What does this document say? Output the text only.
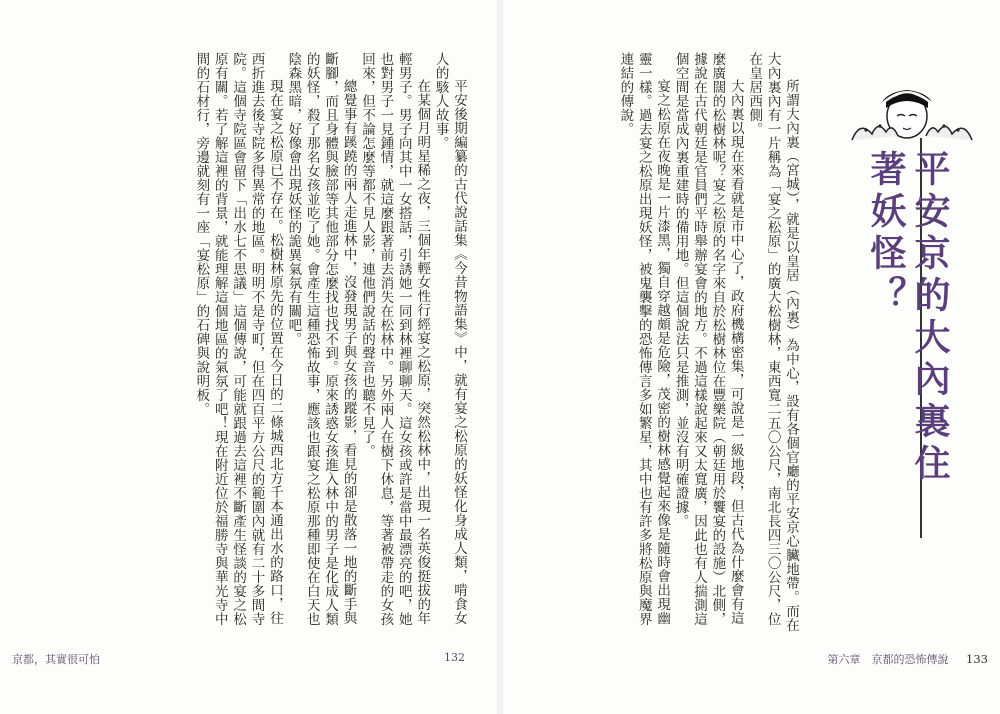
平安京的大內裏住著妖怪？

所謂大內裏（宮城），就是以皇居（內裏）為中心，設有各個官廳的平安京心臟地帶。而在大內裏內有一片稱為「宴之松原」的廣大松樹林，東西寬二五〇公尺，南北長四三〇公尺，位在皇居西側。

大內裏以現在來看就是市中心了，政府機構密集，可說是一級地段，但古代為什麼會有這麼廣闊的松樹林呢？宴之松原的名字來自於松樹林位在豐樂院（朝廷用於饗宴的設施）北側，據說在古代朝廷是官員們平時舉辦宴會的地方。不過這樣說起來又太寬廣，因此也有人揣測這個空間是當成內裏重建時的備用地。但這個說法只是推測，並沒有明確證據。

宴之松原在夜晚是一片漆黑，獨自穿越頗是危險，茂密的樹林感覺起來像是隨時會出現幽靈一樣。過去宴之松原出現妖怪，被鬼襲擊的恐怖傳言多如繁星，其中也有許多將松原與魔界連結的傳說。

第六章　京都的恐怖傳說 133

平安後期編纂的古代說話集《今昔物語集》中，就有宴之松原的妖怪化身成人類，啃食女人的駭人故事。

在某個月明星稀之夜，三個年輕女性行經宴之松原，突然松林中，出現一名英俊挺拔的年輕男子。男子向其中一女搭話，引誘她一同到林裡聊聊天。這女孩或許是當中最漂亮的吧，她也對男子一見鍾情，就這麼跟著前去消失在松林中。另外兩人在樹下休息，等著被帶走的女孩回來，但不論怎麼等都不見人影，連他們說話的聲音也聽不見了。

總覺事有蹊蹺的兩人走進林中，沒發現男子與女孩的蹤影，看見的卻是散落一地的斷手與斷腳，而且身體與臉部等其他部分怎麼找也找不到。原來誘惑女孩進入林中的男子是化成人類的妖怪，殺了那名女孩並吃了她。會產生這種恐怖故事，應該也跟宴之松原那種即使在白天也陰森黑暗，好像會出現妖怪的詭異氣氛有關吧。

現在宴之松原已不存在。松樹林原先的位置在今日的二條城西北方千本通出水的路口，往西折進去後寺院多得異常的地區。明明不是寺町，但在四百平方公尺的範圍內就有二十多間寺院。這個寺院區會留下「出水七不思議」這個傳說，可能就跟過去這裡不斷產生怪談的宴之松原有關。若了解這裡的背景，就能理解這個地區的氣氛了吧！現在附近位於福勝寺與華光寺中間的石材行，旁邊就刻有一座「宴松原」的石碑與說明板。

京都，其實很可怕	132
